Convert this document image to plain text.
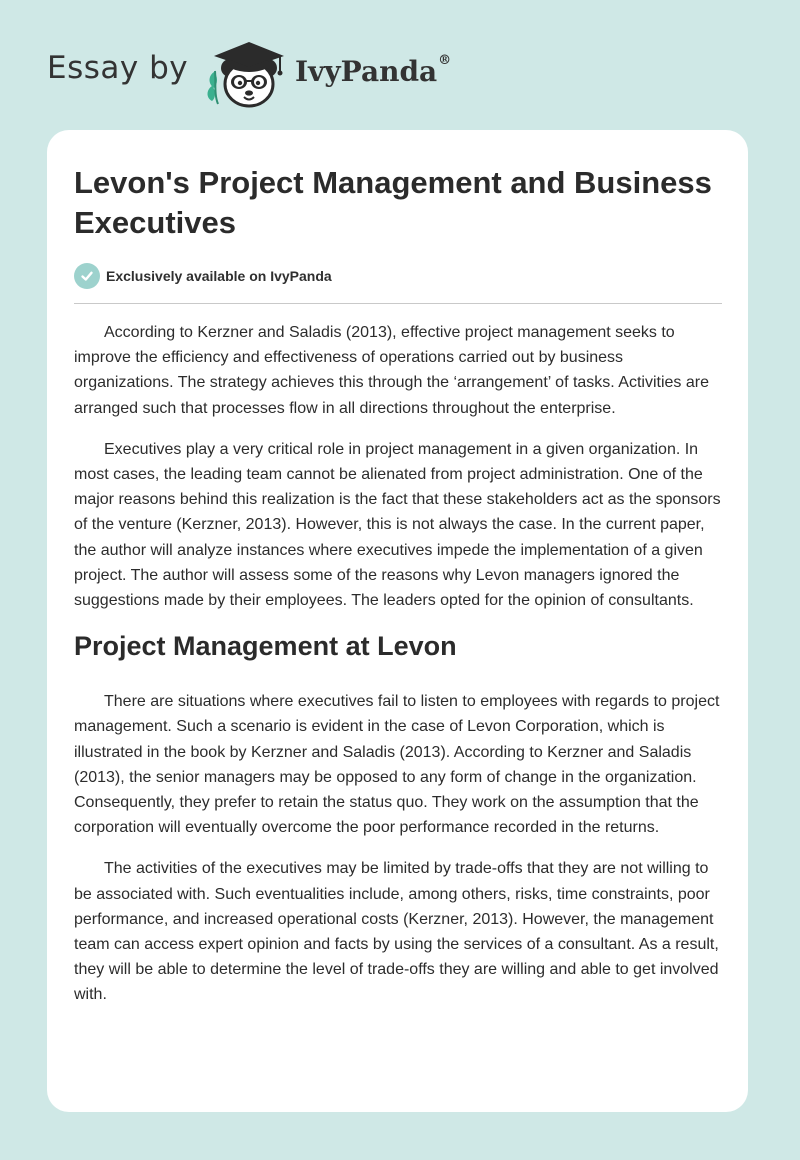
Essay by	IvyPanda®
Levon's Project Management and Business Executives
Exclusively available on IvyPanda

According to Kerzner and Saladis (2013), effective project management seeks to improve the efficiency and effectiveness of operations carried out by business organizations. The strategy achieves this through the ‘arrangement’ of tasks. Activities are arranged such that processes flow in all directions throughout the enterprise.

Executives play a very critical role in project management in a given organization. In most cases, the leading team cannot be alienated from project administration. One of the major reasons behind this realization is the fact that these stakeholders act as the sponsors of the venture (Kerzner, 2013). However, this is not always the case. In the current paper, the author will analyze instances where executives impede the implementation of a given project. The author will assess some of the reasons why Levon managers ignored the suggestions made by their employees. The leaders opted for the opinion of consultants.

Project Management at Levon

There are situations where executives fail to listen to employees with regards to project management. Such a scenario is evident in the case of Levon Corporation, which is illustrated in the book by Kerzner and Saladis (2013). According to Kerzner and Saladis (2013), the senior managers may be opposed to any form of change in the organization. Consequently, they prefer to retain the status quo. They work on the assumption that the corporation will eventually overcome the poor performance recorded in the returns.

The activities of the executives may be limited by trade-offs that they are not willing to be associated with. Such eventualities include, among others, risks, time constraints, poor performance, and increased operational costs (Kerzner, 2013). However, the management team can access expert opinion and facts by using the services of a consultant. As a result, they will be able to determine the level of trade-offs they are willing and able to get involved with.
